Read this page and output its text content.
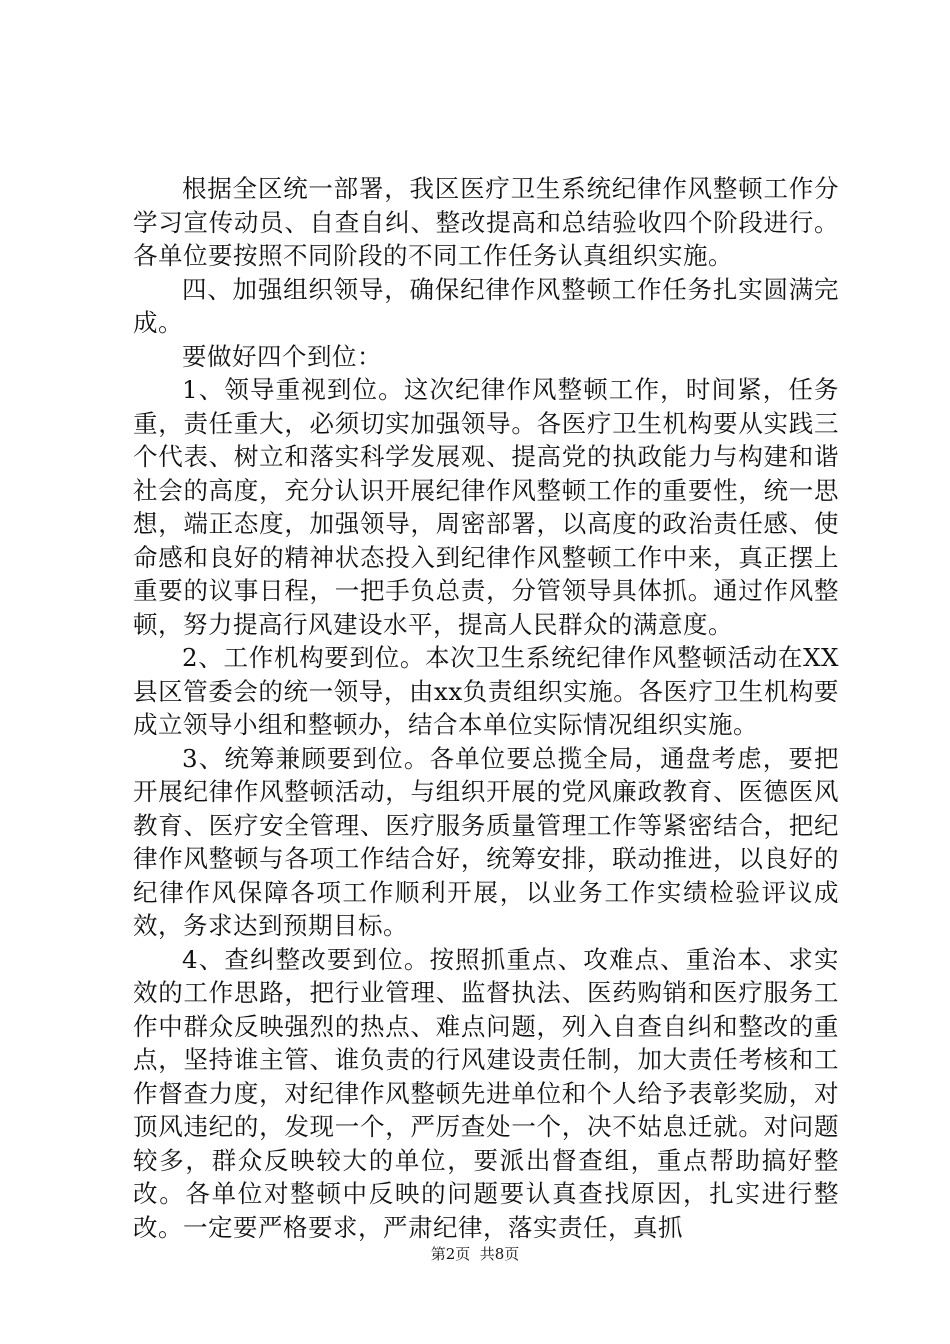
根据全区统一部署，我区医疗卫生系统纪律作风整顿工作分学习宣传动员、自查自纠、整改提高和总结验收四个阶段进行。各单位要按照不同阶段的不同工作任务认真组织实施。

四、加强组织领导，确保纪律作风整顿工作任务扎实圆满完成。

要做好四个到位：

1、领导重视到位。这次纪律作风整顿工作，时间紧，任务重，责任重大，必须切实加强领导。各医疗卫生机构要从实践三个代表、树立和落实科学发展观、提高党的执政能力与构建和谐社会的高度，充分认识开展纪律作风整顿工作的重要性，统一思想，端正态度，加强领导，周密部署，以高度的政治责任感、使命感和良好的精神状态投入到纪律作风整顿工作中来，真正摆上重要的议事日程，一把手负总责，分管领导具体抓。通过作风整顿，努力提高行风建设水平，提高人民群众的满意度。

2、工作机构要到位。本次卫生系统纪律作风整顿活动在XX县区管委会的统一领导，由xx负责组织实施。各医疗卫生机构要成立领导小组和整顿办，结合本单位实际情况组织实施。

3、统筹兼顾要到位。各单位要总揽全局，通盘考虑，要把开展纪律作风整顿活动，与组织开展的党风廉政教育、医德医风教育、医疗安全管理、医疗服务质量管理工作等紧密结合，把纪律作风整顿与各项工作结合好，统筹安排，联动推进，以良好的纪律作风保障各项工作顺利开展，以业务工作实绩检验评议成效，务求达到预期目标。

4、查纠整改要到位。按照抓重点、攻难点、重治本、求实效的工作思路，把行业管理、监督执法、医药购销和医疗服务工作中群众反映强烈的热点、难点问题，列入自查自纠和整改的重点，坚持谁主管、谁负责的行风建设责任制，加大责任考核和工作督查力度，对纪律作风整顿先进单位和个人给予表彰奖励，对顶风违纪的，发现一个，严厉查处一个，决不姑息迁就。对问题较多，群众反映较大的单位，要派出督查组，重点帮助搞好整改。各单位对整顿中反映的问题要认真查找原因，扎实进行整改。一定要严格要求，严肃纪律，落实责任，真抓

第2页  共8页
